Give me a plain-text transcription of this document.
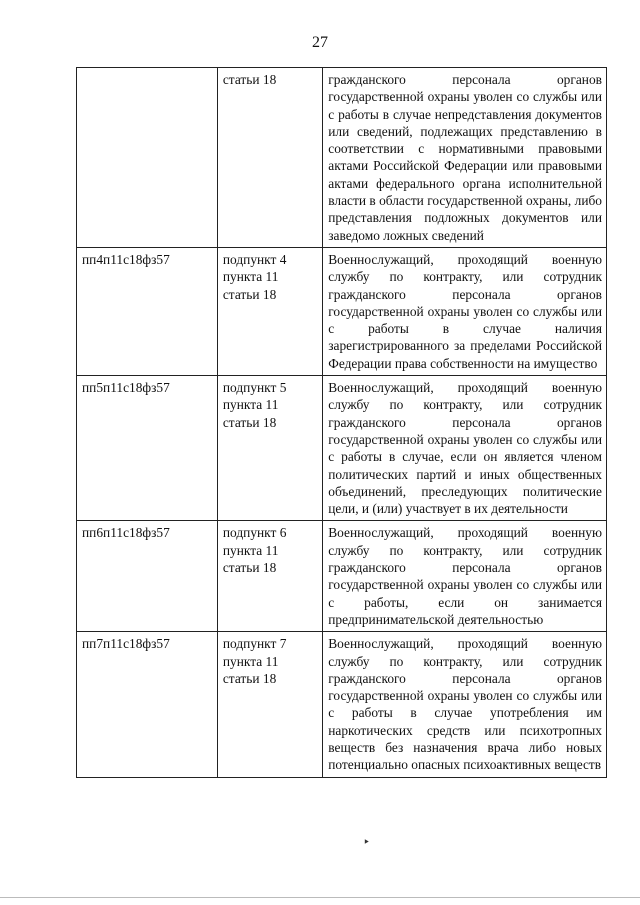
27
	статьи 18	гражданского персонала органов государственной охраны уволен со службы или с работы в случае непредставления документов или сведений, подлежащих представлению в соответствии с нормативными правовыми актами Российской Федерации или правовыми актами федерального органа исполнительной власти в области государственной охраны, либо представления подложных документов или заведомо ложных сведений
пп4п11с18фз57	подпункт 4 пункта 11 статьи 18	Военнослужащий, проходящий военную службу по контракту, или сотрудник гражданского персонала органов государственной охраны уволен со службы или с работы в случае наличия зарегистрированного за пределами Российской Федерации права собственности на имущество
пп5п11с18фз57	подпункт 5 пункта 11 статьи 18	Военнослужащий, проходящий военную службу по контракту, или сотрудник гражданского персонала органов государственной охраны уволен со службы или с работы в случае, если он является членом политических партий и иных общественных объединений, преследующих политические цели, и (или) участвует в их деятельности
пп6п11с18фз57	подпункт 6 пункта 11 статьи 18	Военнослужащий, проходящий военную службу по контракту, или сотрудник гражданского персонала органов государственной охраны уволен со службы или с работы, если он занимается предпринимательской деятельностью
пп7п11с18фз57	подпункт 7 пункта 11 статьи 18	Военнослужащий, проходящий военную службу по контракту, или сотрудник гражданского персонала органов государственной охраны уволен со службы или с работы в случае употребления им наркотических средств или психотропных веществ без назначения врача либо новых потенциально опасных психоактивных веществ
‣
